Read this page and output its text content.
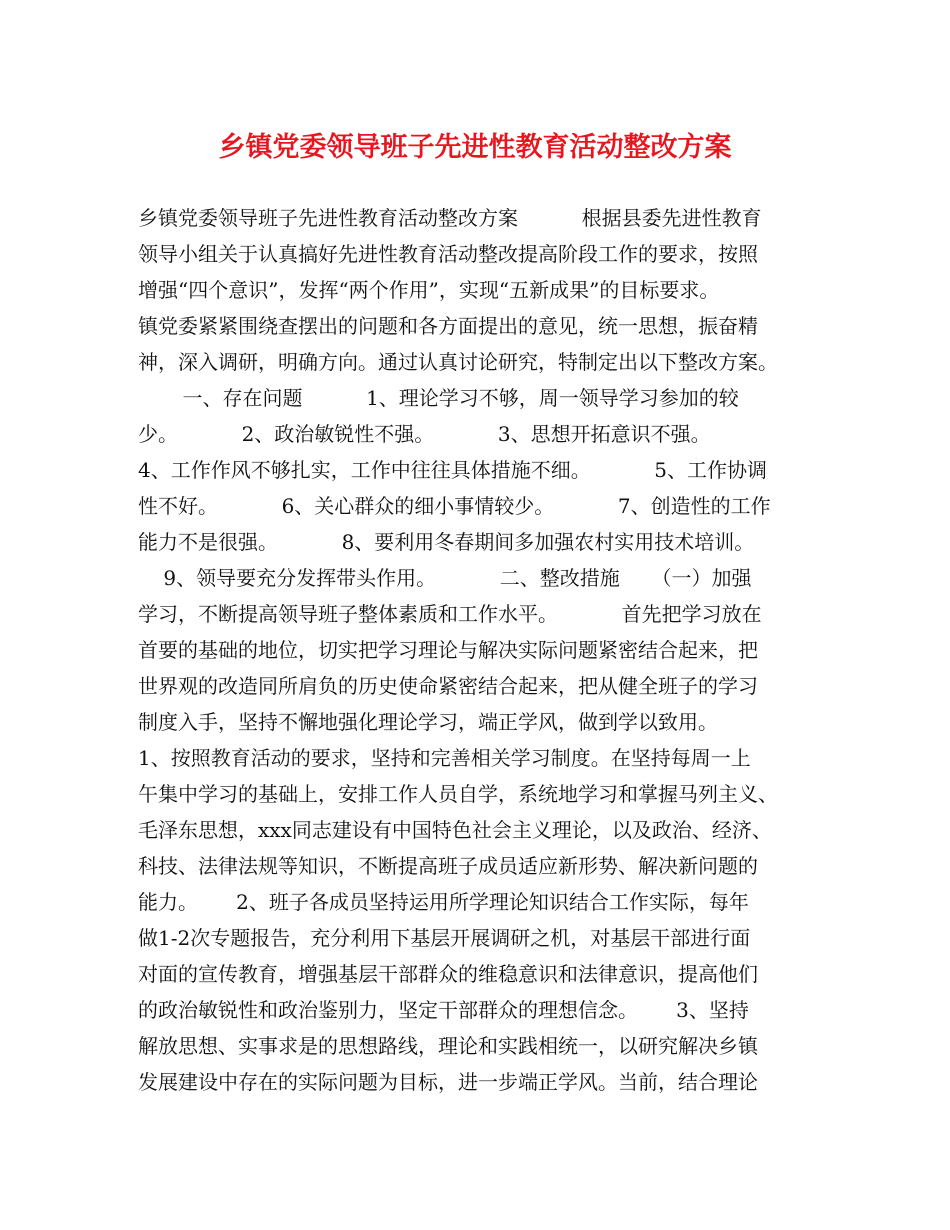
乡镇党委领导班子先进性教育活动整改方案
乡镇党委领导班子先进性教育活动整改方案          根据县委先进性教育
领导小组关于认真搞好先进性教育活动整改提高阶段工作的要求，按照
增强“四个意识”，发挥“两个作用”，实现“五新成果”的目标要求。
镇党委紧紧围绕查摆出的问题和各方面提出的意见，统一思想，振奋精
神，深入调研，明确方向。通过认真讨论研究，特制定出以下整改方案。
一、存在问题          1、理论学习不够，周一领导学习参加的较
少。          2、政治敏锐性不强。          3、思想开拓意识不强。
4、工作作风不够扎实，工作中往往具体措施不细。          5、工作协调
性不好。          6、关心群众的细小事情较少。          7、创造性的工作
能力不是很强。          8、要利用冬春期间多加强农村实用技术培训。
9、领导要充分发挥带头作用。          二、整改措施     （一）加强
学习，不断提高领导班子整体素质和工作水平。          首先把学习放在
首要的基础的地位，切实把学习理论与解决实际问题紧密结合起来，把
世界观的改造同所肩负的历史使命紧密结合起来，把从健全班子的学习
制度入手，坚持不懈地强化理论学习，端正学风，做到学以致用。
1、按照教育活动的要求，坚持和完善相关学习制度。在坚持每周一上
午集中学习的基础上，安排工作人员自学，系统地学习和掌握马列主义、
毛泽东思想，xxx同志建设有中国特色社会主义理论，以及政治、经济、
科技、法律法规等知识，不断提高班子成员适应新形势、解决新问题的
能力。      2、班子各成员坚持运用所学理论知识结合工作实际，每年
做1-2次专题报告，充分利用下基层开展调研之机，对基层干部进行面
对面的宣传教育，增强基层干部群众的维稳意识和法律意识，提高他们
的政治敏锐性和政治鉴别力，坚定干部群众的理想信念。      3、坚持
解放思想、实事求是的思想路线，理论和实践相统一，以研究解决乡镇
发展建设中存在的实际问题为目标，进一步端正学风。当前，结合理论
